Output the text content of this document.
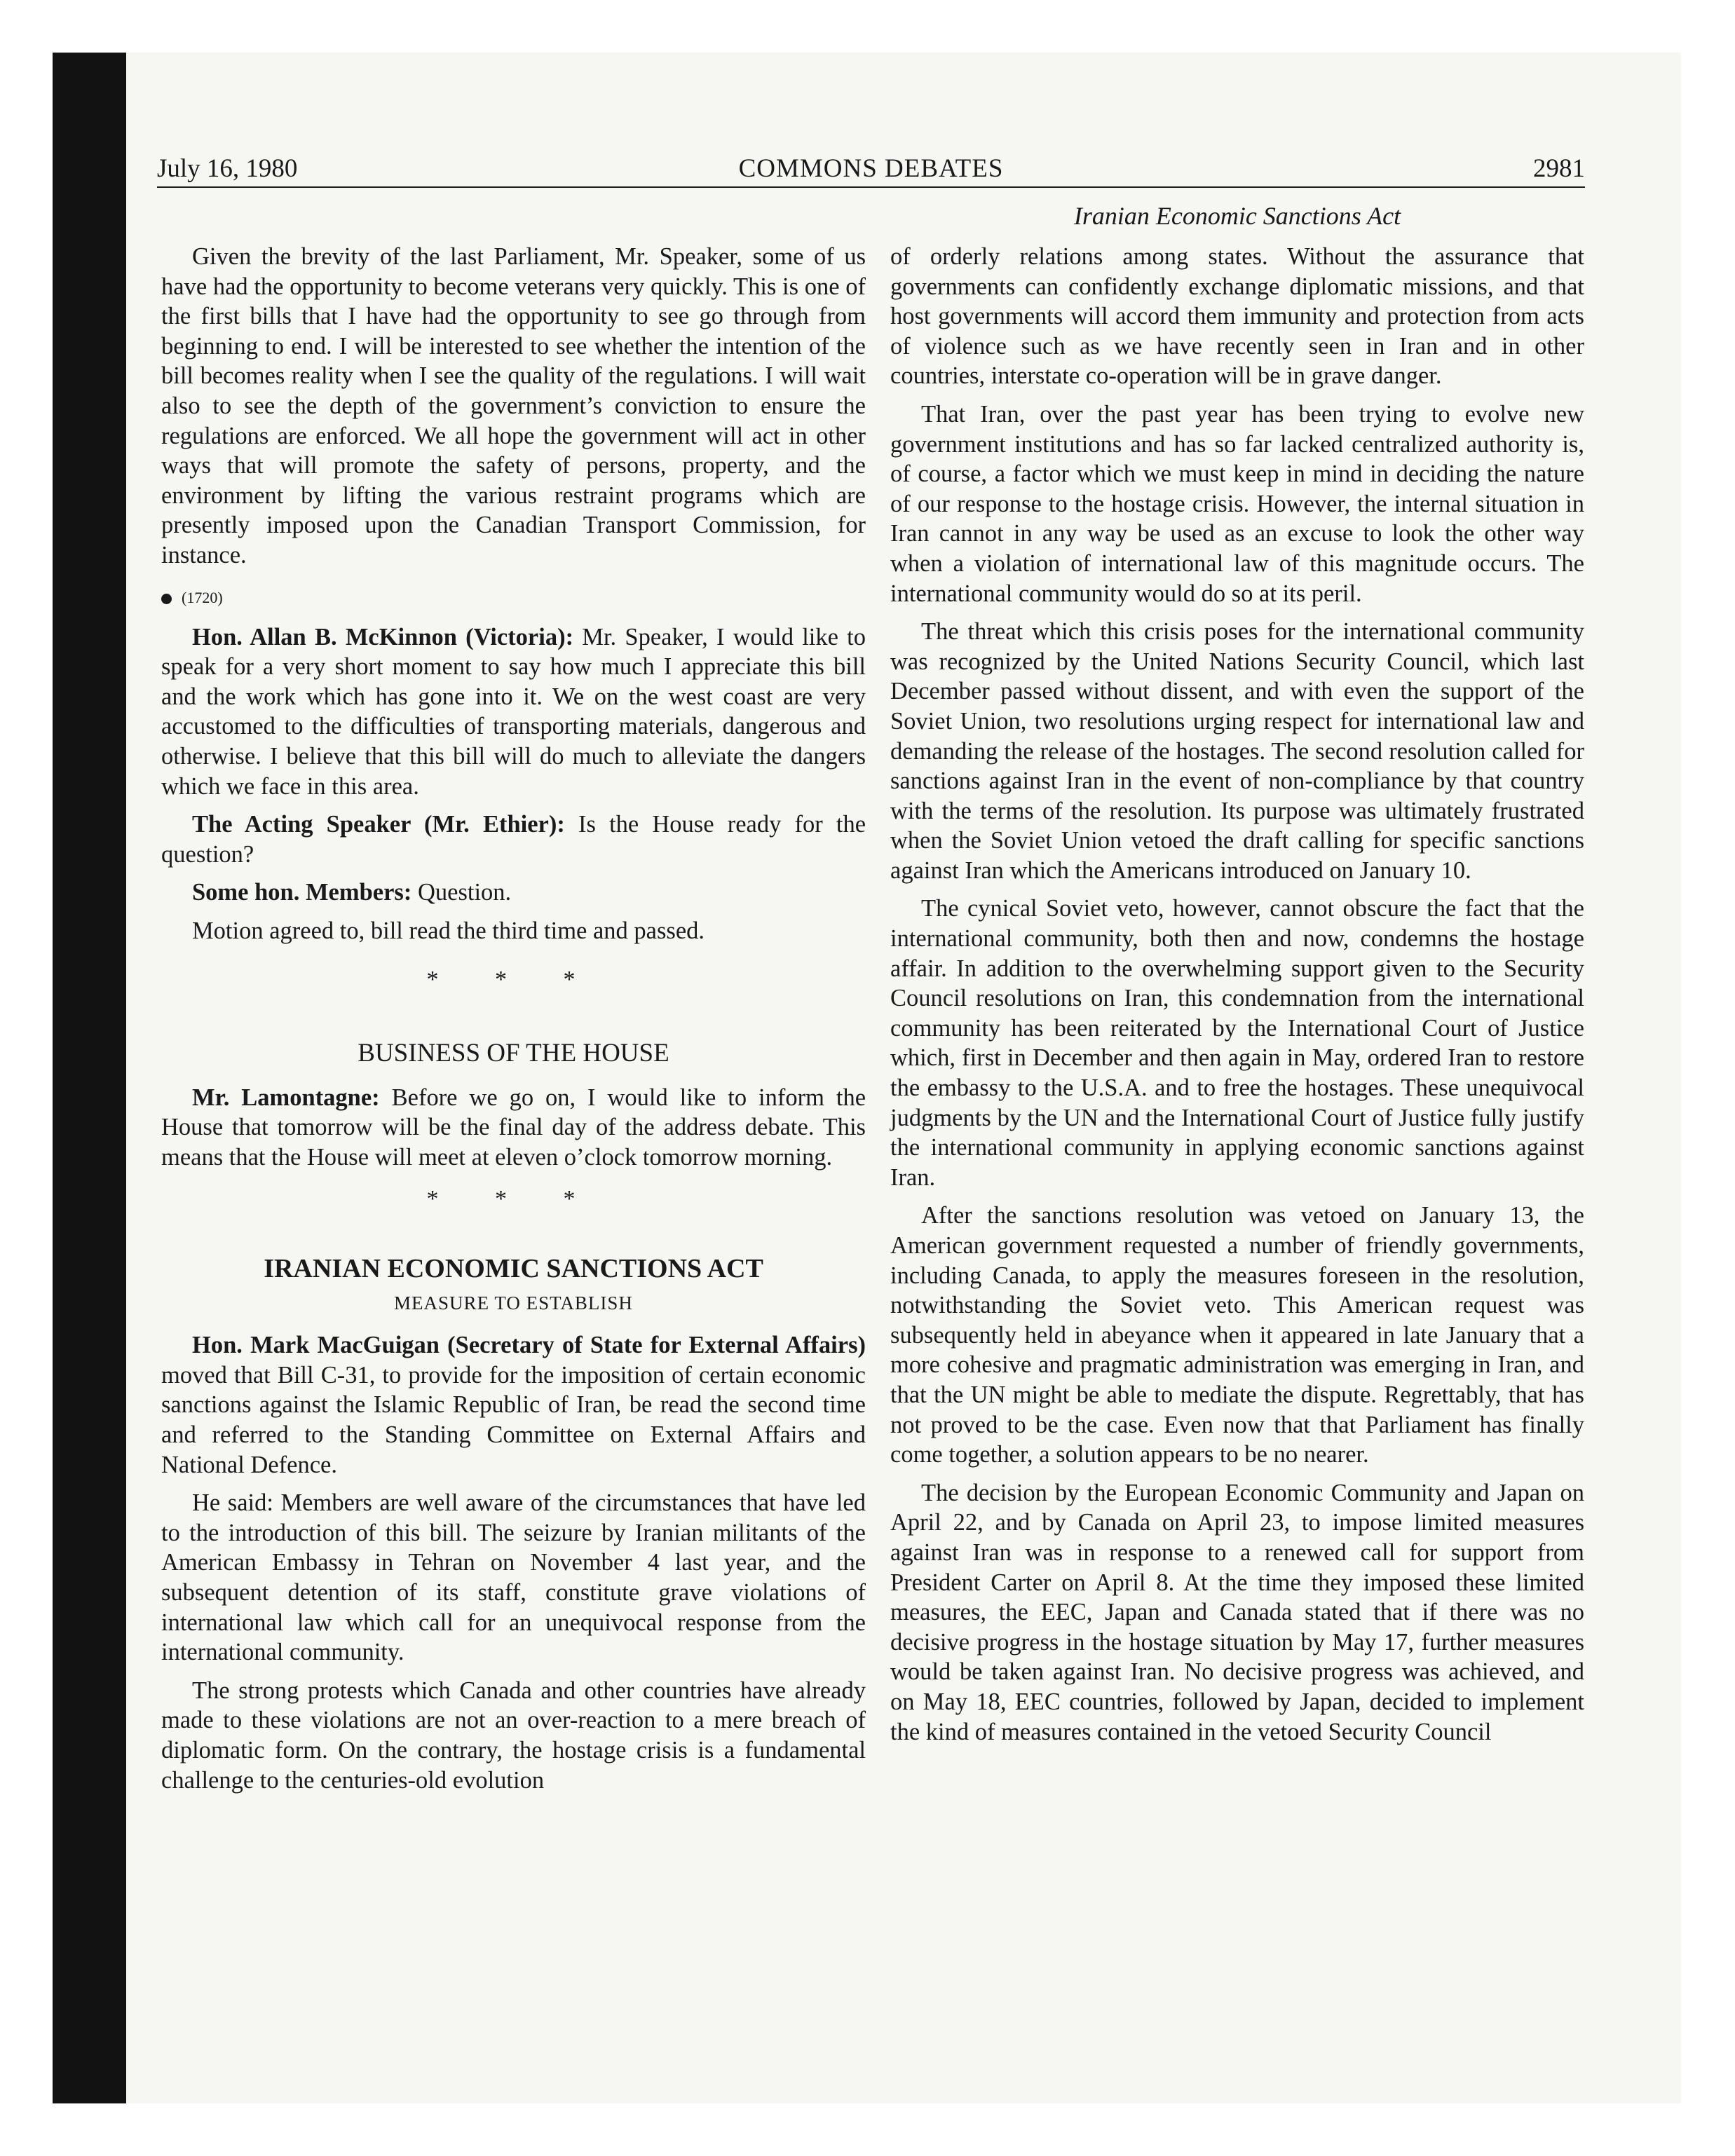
July 16, 1980	COMMONS DEBATES	2981
Iranian Economic Sanctions Act

Given the brevity of the last Parliament, Mr. Speaker, some of us have had the opportunity to become veterans very quickly. This is one of the first bills that I have had the opportunity to see go through from beginning to end. I will be interested to see whether the intention of the bill becomes reality when I see the quality of the regulations. I will wait also to see the depth of the government’s conviction to ensure the regulations are enforced. We all hope the government will act in other ways that will promote the safety of persons, property, and the environment by lifting the various restraint programs which are presently imposed upon the Canadian Transport Commission, for instance.

(1720)

Hon. Allan B. McKinnon (Victoria): Mr. Speaker, I would like to speak for a very short moment to say how much I appreciate this bill and the work which has gone into it. We on the west coast are very accustomed to the difficulties of transporting materials, dangerous and otherwise. I believe that this bill will do much to alleviate the dangers which we face in this area.

The Acting Speaker (Mr. Ethier): Is the House ready for the question?

Some hon. Members: Question.

Motion agreed to, bill read the third time and passed.

* * *
BUSINESS OF THE HOUSE

Mr. Lamontagne: Before we go on, I would like to inform the House that tomorrow will be the final day of the address debate. This means that the House will meet at eleven o’clock tomorrow morning.

* * *
IRANIAN ECONOMIC SANCTIONS ACT
MEASURE TO ESTABLISH

Hon. Mark MacGuigan (Secretary of State for External Affairs) moved that Bill C-31, to provide for the imposition of certain economic sanctions against the Islamic Republic of Iran, be read the second time and referred to the Standing Committee on External Affairs and National Defence.

He said: Members are well aware of the circumstances that have led to the introduction of this bill. The seizure by Iranian militants of the American Embassy in Tehran on November 4 last year, and the subsequent detention of its staff, constitute grave violations of international law which call for an unequivocal response from the international community.

The strong protests which Canada and other countries have already made to these violations are not an over-reaction to a mere breach of diplomatic form. On the contrary, the hostage crisis is a fundamental challenge to the centuries-old evolution

of orderly relations among states. Without the assurance that governments can confidently exchange diplomatic missions, and that host governments will accord them immunity and protection from acts of violence such as we have recently seen in Iran and in other countries, interstate co-operation will be in grave danger.

That Iran, over the past year has been trying to evolve new government institutions and has so far lacked centralized authority is, of course, a factor which we must keep in mind in deciding the nature of our response to the hostage crisis. However, the internal situation in Iran cannot in any way be used as an excuse to look the other way when a violation of international law of this magnitude occurs. The international community would do so at its peril.

The threat which this crisis poses for the international community was recognized by the United Nations Security Council, which last December passed without dissent, and with even the support of the Soviet Union, two resolutions urging respect for international law and demanding the release of the hostages. The second resolution called for sanctions against Iran in the event of non-compliance by that country with the terms of the resolution. Its purpose was ultimately frustrated when the Soviet Union vetoed the draft calling for specific sanctions against Iran which the Americans introduced on January 10.

The cynical Soviet veto, however, cannot obscure the fact that the international community, both then and now, condemns the hostage affair. In addition to the overwhelming support given to the Security Council resolutions on Iran, this condemnation from the international community has been reiterated by the International Court of Justice which, first in December and then again in May, ordered Iran to restore the embassy to the U.S.A. and to free the hostages. These unequivocal judgments by the UN and the International Court of Justice fully justify the international community in applying economic sanctions against Iran.

After the sanctions resolution was vetoed on January 13, the American government requested a number of friendly governments, including Canada, to apply the measures foreseen in the resolution, notwithstanding the Soviet veto. This American request was subsequently held in abeyance when it appeared in late January that a more cohesive and pragmatic administration was emerging in Iran, and that the UN might be able to mediate the dispute. Regrettably, that has not proved to be the case. Even now that that Parliament has finally come together, a solution appears to be no nearer.

The decision by the European Economic Community and Japan on April 22, and by Canada on April 23, to impose limited measures against Iran was in response to a renewed call for support from President Carter on April 8. At the time they imposed these limited measures, the EEC, Japan and Canada stated that if there was no decisive progress in the hostage situation by May 17, further measures would be taken against Iran. No decisive progress was achieved, and on May 18, EEC countries, followed by Japan, decided to implement the kind of measures contained in the vetoed Security Council
